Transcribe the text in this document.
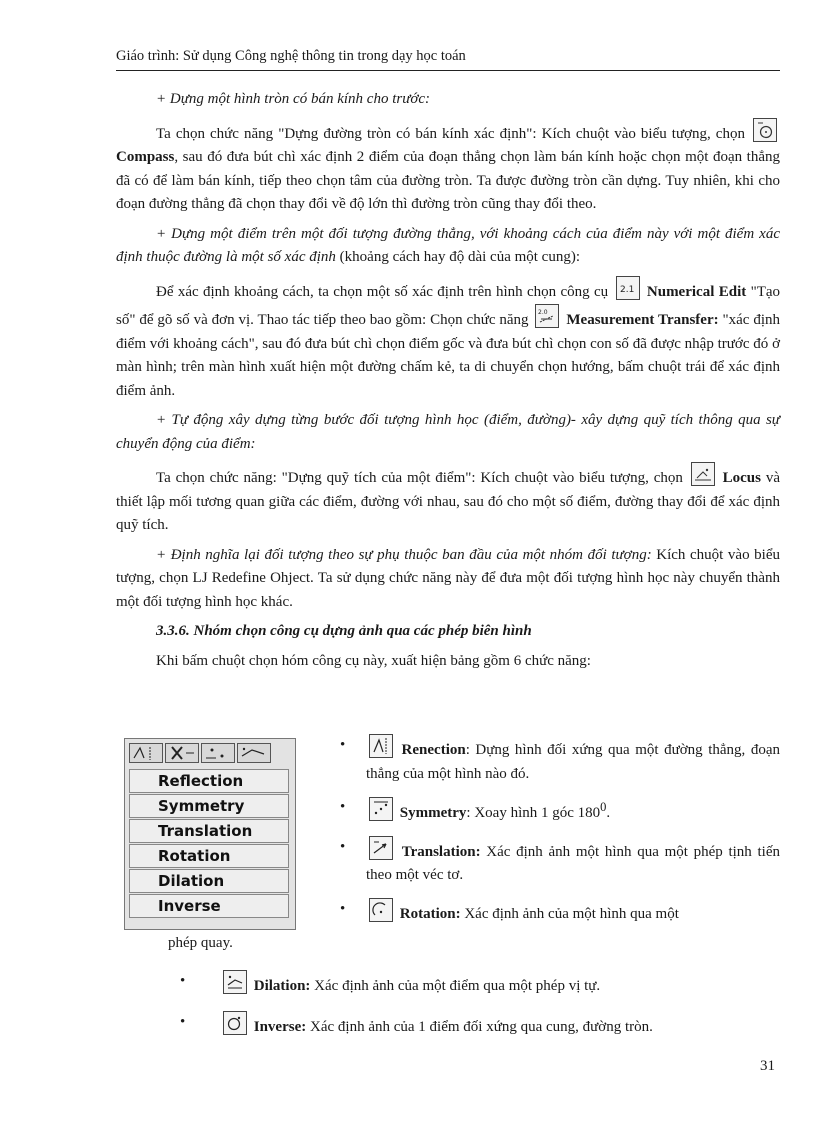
Giáo trình: Sử dụng Công nghệ thông tin trong dạy học toán

+ Dựng một hình tròn có bán kính cho trước:

Ta chọn chức năng "Dựng đường tròn có bán kính xác định": Kích chuột vào biểu tượng, chọn
Compass, sau đó đưa bút chì xác định 2 điểm của đoạn thẳng chọn làm bán kính hoặc chọn một đoạn thẳng đã có để làm bán kính, tiếp theo chọn tâm của đường tròn. Ta được đường tròn cần dựng. Tuy nhiên, khi cho đoạn đường thẳng đã chọn thay đổi về độ lớn thì đường tròn cũng thay đổi theo.

+ Dựng một điểm trên một đối tượng đường thẳng, với khoảng cách của điểm này với một điểm xác định thuộc đường là một số xác định (khoảng cách hay độ dài của một cung):

Để xác định khoảng cách, ta chọn một số xác định trên hình chọn công cụ 2.1 Numerical Edit "Tạo số" để gõ số và đơn vị. Thao tác tiếp theo bao gồm: Chọn chức năng 2.0 Measurement Transfer: "xác định điểm với khoảng cách", sau đó đưa bút chì chọn điểm gốc và đưa bút chì chọn con số đã được nhập trước đó ở màn hình; trên màn hình xuất hiện một đường chấm kẻ, ta di chuyển chọn hướng, bấm chuột trái để xác định điểm ảnh.

+ Tự động xây dựng từng bước đối tượng hình học (điểm, đường)- xây dựng quỹ tích thông qua sự chuyển động của điểm:

Ta chọn chức năng: "Dựng quỹ tích của một điểm": Kích chuột vào biểu tượng, chọn	Locus và thiết lập mối tương quan giữa các điểm, đường với nhau, sau đó cho một số điểm, đường thay đổi để xác định quỹ tích.

+ Định nghĩa lại đối tượng theo sự phụ thuộc ban đầu của một nhóm đối tượng: Kích chuột vào biểu tượng, chọn LJ Redefine Ohject. Ta sử dụng chức năng này để đưa một đối tượng hình học này chuyển thành một đối tượng hình học khác.

3.3.6. Nhóm chọn công cụ dựng ảnh qua các phép biên hình

Khi bấm chuột chọn hóm công cụ này, xuất hiện bảng gồm 6 chức năng:

Reflection
Symmetry
Translation
Rotation
Dilation
Inverse
•	Renection: Dựng hình đối xứng qua một đường thẳng, đoạn thẳng của một hình nào đó.
•	Symmetry: Xoay hình 1 góc $180^0$.
•	Translation: Xác định ảnh một hình qua một phép tịnh tiến theo một véc tơ.
•	Rotation: Xác định ảnh của một hình qua một
phép quay.
•	Dilation: Xác định ảnh của một điểm qua một phép vị tự.
•	Inverse: Xác định ảnh của 1 điểm đối xứng qua cung, đường tròn.
31
